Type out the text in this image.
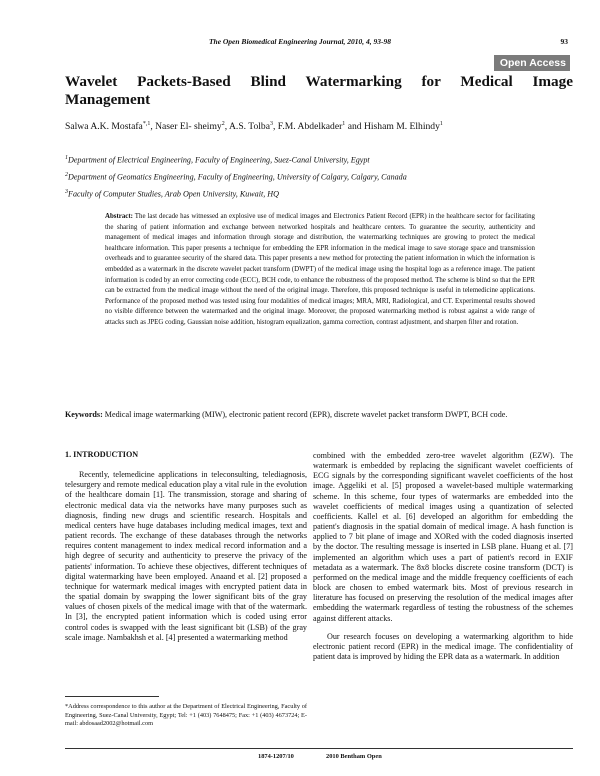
The Open Biomedical Engineering Journal, 2010, 4, 93-98	93
Open Access
Wavelet Packets-Based Blind Watermarking for Medical Image Management
Salwa A.K. Mostafa$^{*,1}$, Naser El- sheimy$^2$, A.S. Tolba$^3$, F.M. Abdelkader$^1$ and Hisham M. Elhindy$^1$
$^1$Department of Electrical Engineering, Faculty of Engineering, Suez-Canal University, Egypt
$^2$Department of Geomatics Engineering, Faculty of Engineering, University of Calgary, Calgary, Canada
$^3$Faculty of Computer Studies, Arab Open University, Kuwait, HQ

Abstract: The last decade has witnessed an explosive use of medical images and Electronics Patient Record (EPR) in the healthcare sector for facilitating the sharing of patient information and exchange between networked hospitals and healthcare centers. To guarantee the security, authenticity and management of medical images and information through storage and distribution, the watermarking techniques are growing to protect the medical healthcare information. This paper presents a technique for embedding the EPR information in the medical image to save storage space and transmission overheads and to guarantee security of the shared data. This paper presents a new method for protecting the patient information in which the information is embedded as a watermark in the discrete wavelet packet transform (DWPT) of the medical image using the hospital logo as a reference image. The patient information is coded by an error correcting code (ECC), BCH code, to enhance the robustness of the proposed method. The scheme is blind so that the EPR can be extracted from the medical image without the need of the original image. Therefore, this proposed technique is useful in telemedicine applications. Performance of the proposed method was tested using four modalities of medical images; MRA, MRI, Radiological, and CT. Experimental results showed no visible difference between the watermarked and the original image. Moreover, the proposed watermarking method is robust against a wide range of attacks such as JPEG coding, Gaussian noise addition, histogram equalization, gamma correction, contrast adjustment, and sharpen filter and rotation.

Keywords: Medical image watermarking (MIW), electronic patient record (EPR), discrete wavelet packet transform DWPT, BCH code.

1. INTRODUCTION

Recently, telemedicine applications in teleconsulting, telediagnosis, telesurgery and remote medical education play a vital rule in the evolution of the healthcare domain [1]. The transmission, storage and sharing of electronic medical data via the networks have many purposes such as diagnosis, finding new drugs and scientific research. Hospitals and medical centers have huge databases including medical images, text and patient records. The exchange of these databases through the networks requires content management to index medical record information and a high degree of security and authenticity to preserve the privacy of the patients' information. To achieve these objectives, different techniques of digital watermarking have been employed. Anaand et al. [2] proposed a technique for watermark medical images with encrypted patient data in the spatial domain by swapping the lower significant bits of the gray values of chosen pixels of the medical image with that of the watermark. In [3], the encrypted patient information which is coded using error control codes is swapped with the least significant bit (LSB) of the gray scale image. Nambakhsh et al. [4] presented a watermarking method

combined with the embedded zero-tree wavelet algorithm (EZW). The watermark is embedded by replacing the significant wavelet coefficients of ECG signals by the corresponding significant wavelet coefficients of the host image. Aggeliki et al. [5] proposed a wavelet-based multiple watermarking scheme. In this scheme, four types of watermarks are embedded into the wavelet coefficients of medical images using a quantization of selected coefficients. Kallel et al. [6] developed an algorithm for embedding the patient's diagnosis in the spatial domain of medical image. A hash function is applied to 7 bit plane of image and XORed with the coded diagnosis inserted by the doctor. The resulting message is inserted in LSB plane. Huang et al. [7] implemented an algorithm which uses a part of patient's record in EXIF metadata as a watermark. The 8x8 blocks discrete cosine transform (DCT) is performed on the medical image and the middle frequency coefficients of each block are chosen to embed watermark bits. Most of previous research in literature has focused on preserving the resolution of the medical images after embedding the watermark regardless of testing the robustness of the schemes against different attacks.

Our research focuses on developing a watermarking algorithm to hide electronic patient record (EPR) in the medical image. The confidentiality of patient data is improved by hiding the EPR data as a watermark. In addition

*Address correspondence to this author at the Department of Electrical Engineering, Faculty of Engineering, Suez-Canal University, Egypt; Tel: +1 (403) 7648475; Fax: +1 (403) 4673724; E-mail: abdosaad2002@hotmail.com

1874-1207/10	2010 Bentham Open
